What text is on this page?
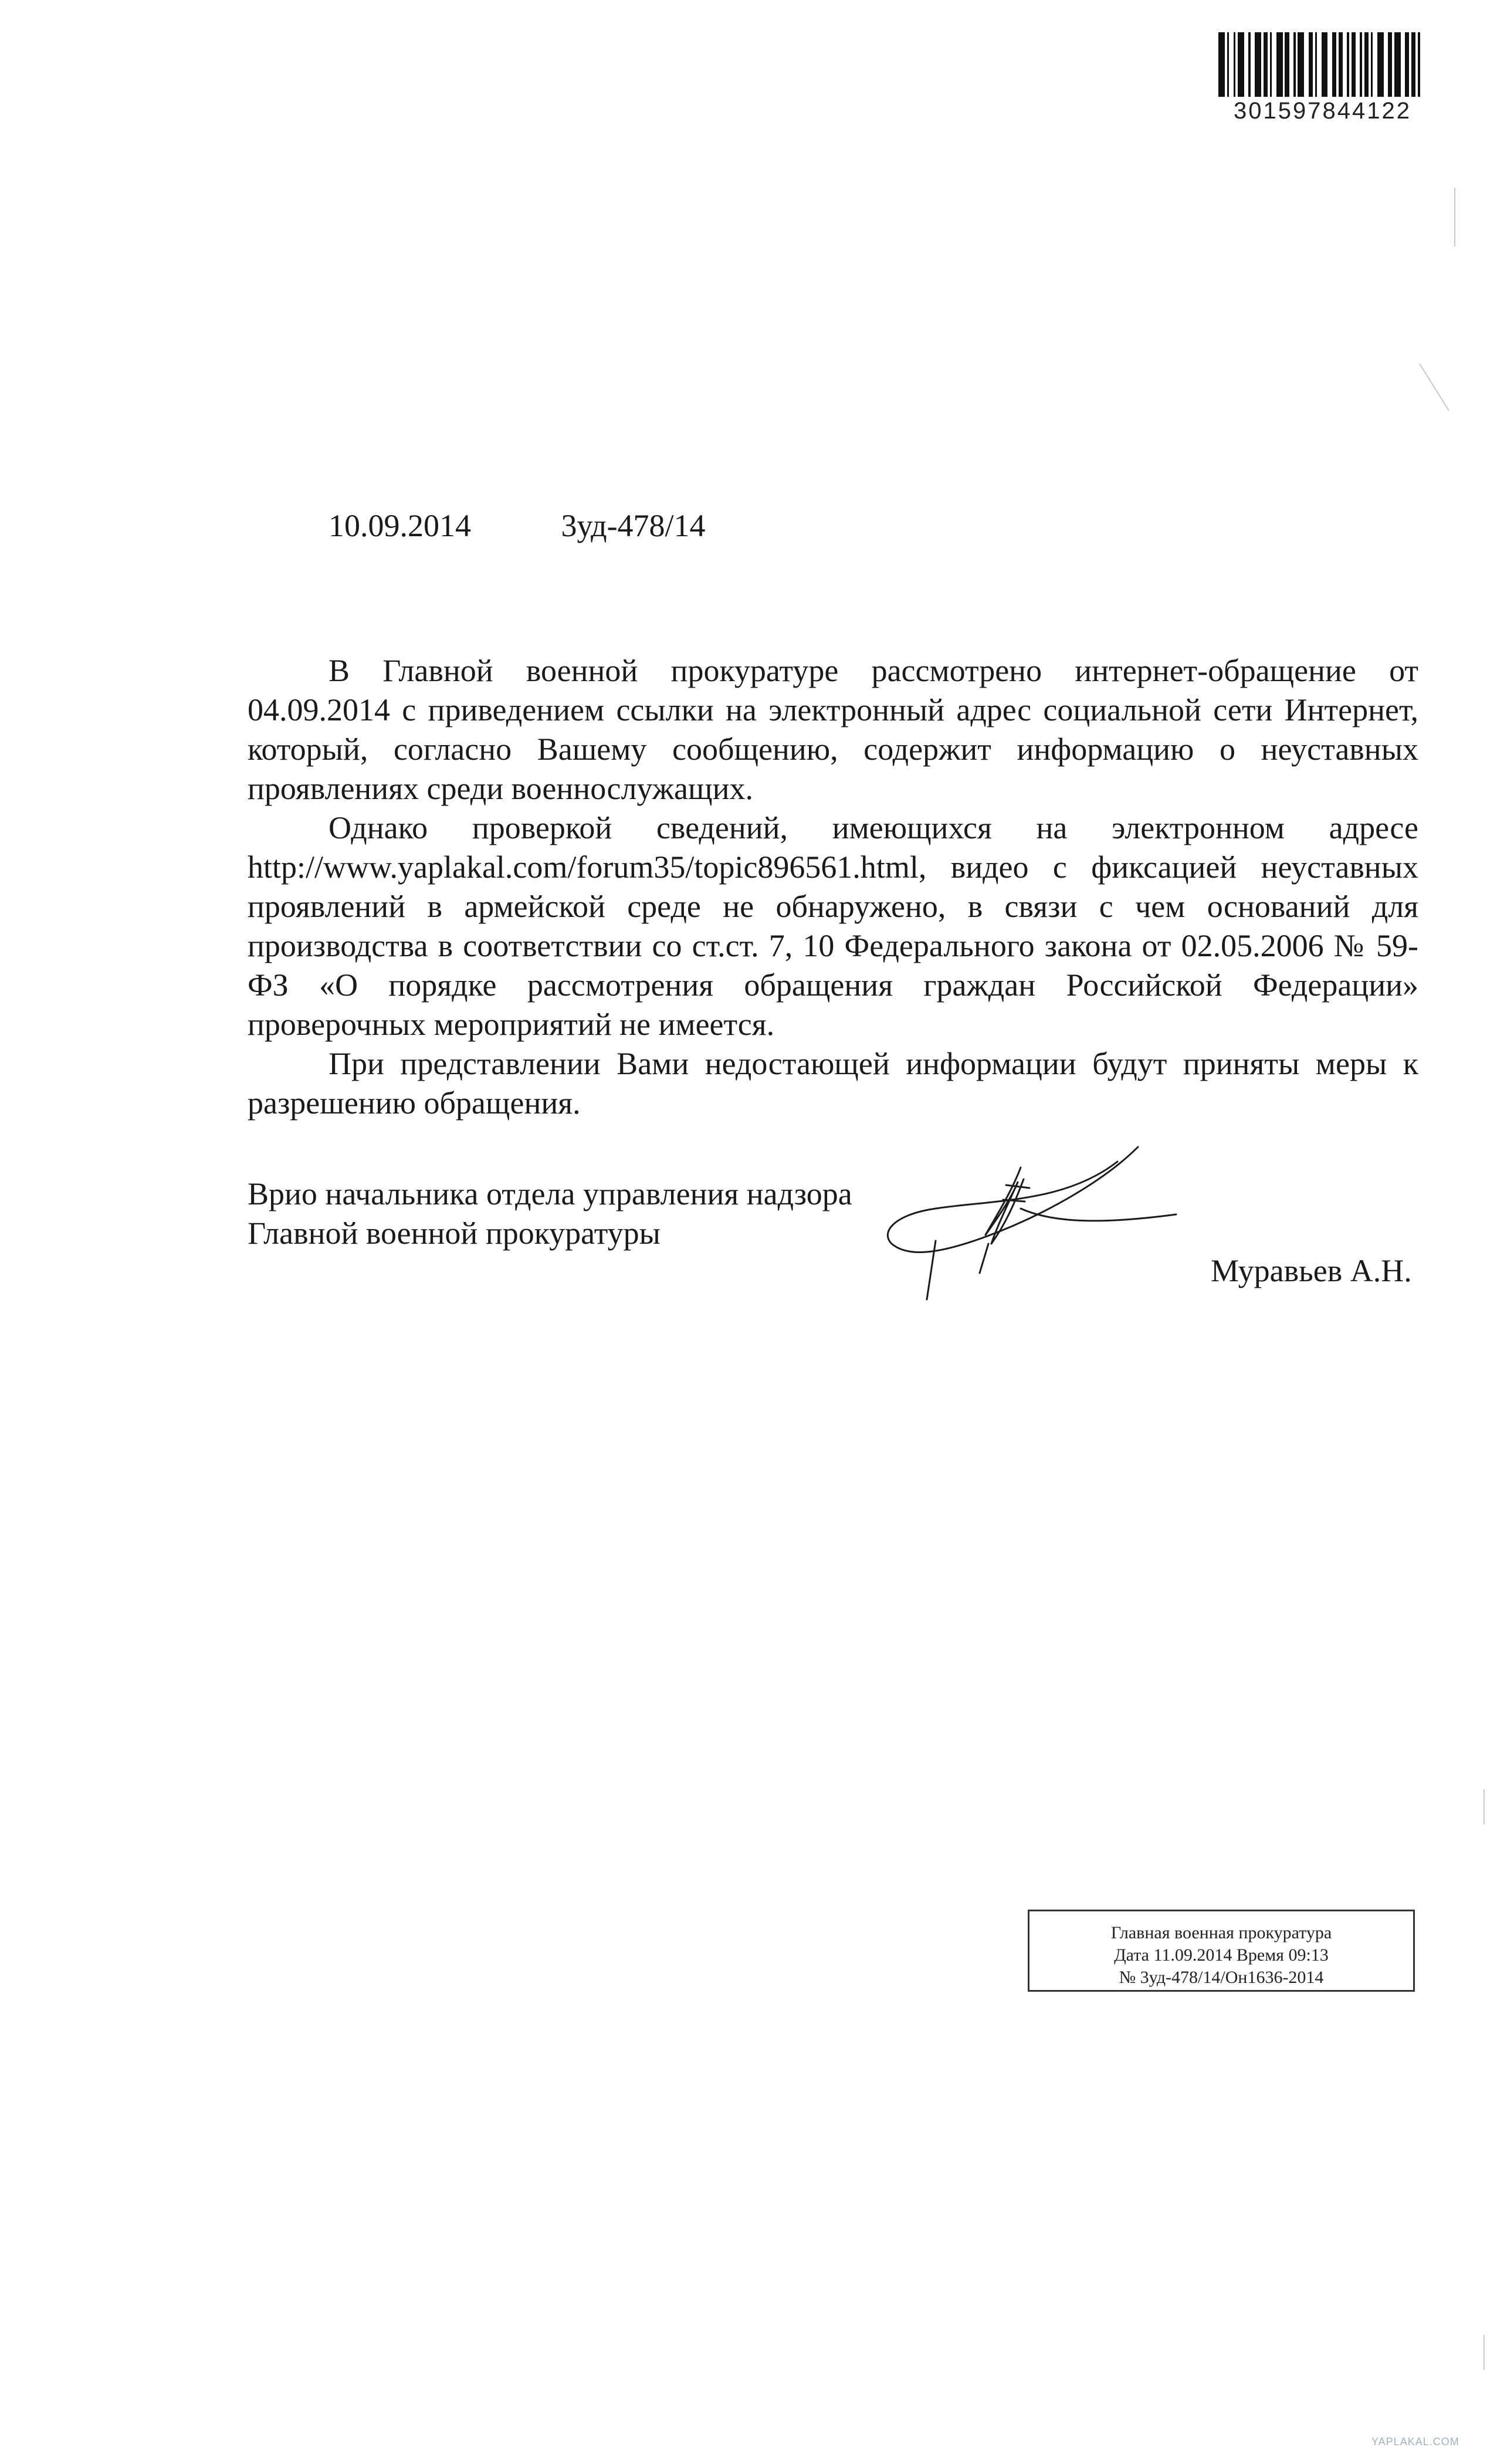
301597844122
10.09.2014	3уд-478/14

В Главной военной прокуратуре рассмотрено интернет-обращение от 04.09.2014 с приведением ссылки на электронный адрес социальной сети Интернет, который, согласно Вашему сообщению, содержит информацию о неуставных проявлениях среди военнослужащих.

Однако проверкой сведений, имеющихся на электронном адресе http://www.yaplakal.com/forum35/topic896561.html, видео с фиксацией неуставных проявлений в армейской среде не обнаружено, в связи с чем оснований для производства в соответствии со ст.ст. 7, 10 Федерального закона от 02.05.2006 № 59-ФЗ «О порядке рассмотрения обращения граждан Российской Федерации» проверочных мероприятий не имеется.

При представлении Вами недостающей информации будут приняты меры к разрешению обращения.

Врио начальника отдела управления надзора
Главной военной прокуратуры
Муравьев А.Н.
Главная военная прокуратура
Дата 11.09.2014 Время 09:13
№ 3уд-478/14/Он1636-2014
YAPLAKAL.COM
